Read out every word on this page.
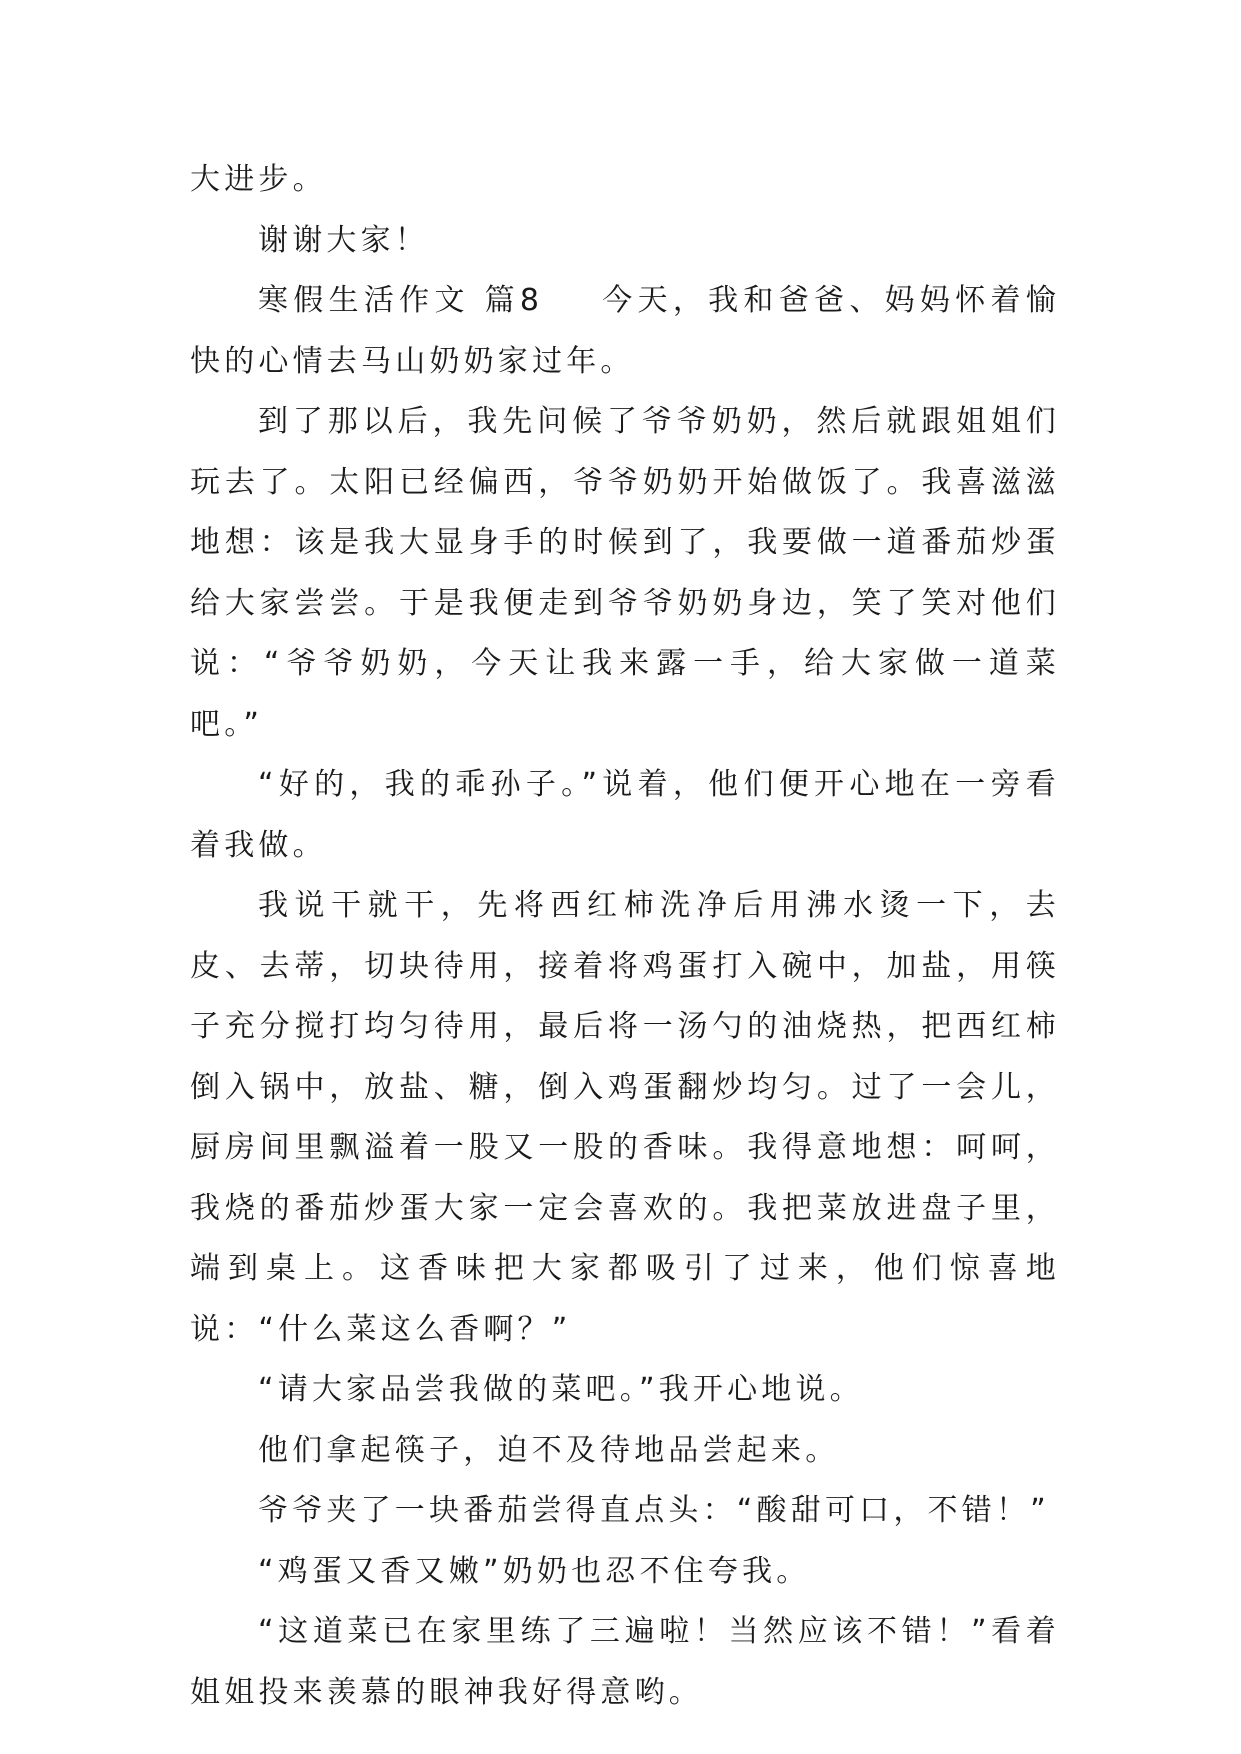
大进步。

谢谢大家！

寒假生活作文 篇8 今天，我和爸爸、妈妈怀着愉快的心情去马山奶奶家过年。

到了那以后，我先问候了爷爷奶奶，然后就跟姐姐们玩去了。太阳已经偏西，爷爷奶奶开始做饭了。我喜滋滋地想：该是我大显身手的时候到了，我要做一道番茄炒蛋给大家尝尝。于是我便走到爷爷奶奶身边，笑了笑对他们说：“爷爷奶奶，今天让我来露一手，给大家做一道菜吧。”

“好的，我的乖孙子。”说着，他们便开心地在一旁看着我做。

我说干就干，先将西红柿洗净后用沸水烫一下，去皮、去蒂，切块待用，接着将鸡蛋打入碗中，加盐，用筷子充分搅打均匀待用，最后将一汤勺的油烧热，把西红柿倒入锅中，放盐、糖，倒入鸡蛋翻炒均匀。过了一会儿，厨房间里飘溢着一股又一股的香味。我得意地想：呵呵，我烧的番茄炒蛋大家一定会喜欢的。我把菜放进盘子里，端到桌上。这香味把大家都吸引了过来，他们惊喜地说：“什么菜这么香啊？”

“请大家品尝我做的菜吧。”我开心地说。

他们拿起筷子，迫不及待地品尝起来。

爷爷夹了一块番茄尝得直点头：“酸甜可口，不错！”

“鸡蛋又香又嫩”奶奶也忍不住夸我。

“这道菜已在家里练了三遍啦！当然应该不错！”看着姐姐投来羡慕的眼神我好得意哟。
